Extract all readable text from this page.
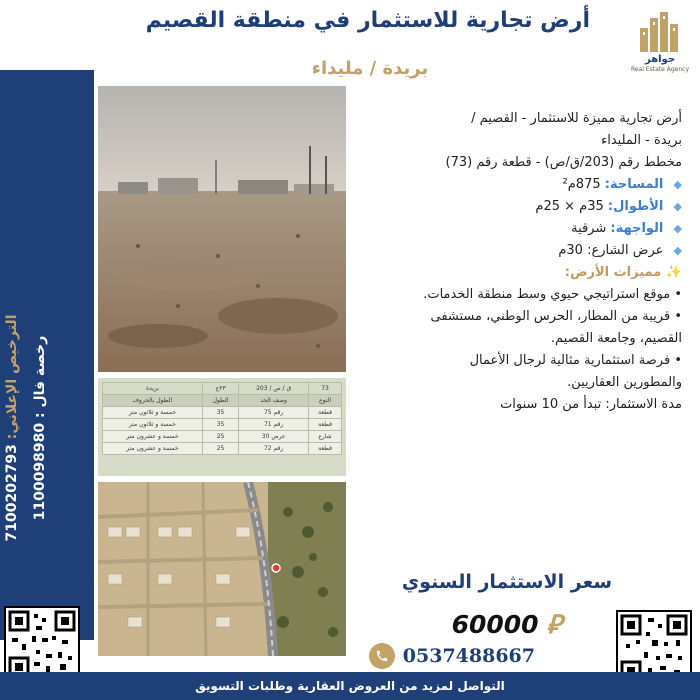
أرض تجارية للاستثمار في منطقة القصيم
بريدة / مليداء	جواهر
Real Estate Agency
رخصة فال : 1100098980
الترخيص الإعلاني: 7100202793
73	ق / ص / 203	٣٣ج	بريدة
النوع	وصف الحد	الطول	الطول بالحروف
قطعة	رقم 75	35	خمسة و ثلاثون متر
قطعة	رقم 71	35	خمسة و ثلاثون متر
شارع	عرض 30	25	خمسة و عشرون متر
قطعة	رقم 72	25	خمسة و عشرون متر
أرض تجارية مميزة للاستثمار - القصيم /
بريدة - المليداء
مخطط رقم (203/ق/ص) - قطعة رقم (73)
◆ المساحة: 875م²
◆ الأطوال: 35م × 25م
◆ الواجهة: شرقية
◆ عرض الشارع: 30م
✨ مميزات الأرض:
• موقع استراتيجي حيوي وسط منطقة الخدمات.
• قريبة من المطار، الحرس الوطني، مستشفى
القصيم، وجامعة القصيم.
• فرصة استثمارية مثالية لرجال الأعمال
والمطورين العقاريين.
مدة الاستثمار: تبدأ من 10 سنوات
سعر الاستثمار السنوي
⃁
60000
0537488667
التواصل لمزيد من العروض العقارية وطلبات التسويق
